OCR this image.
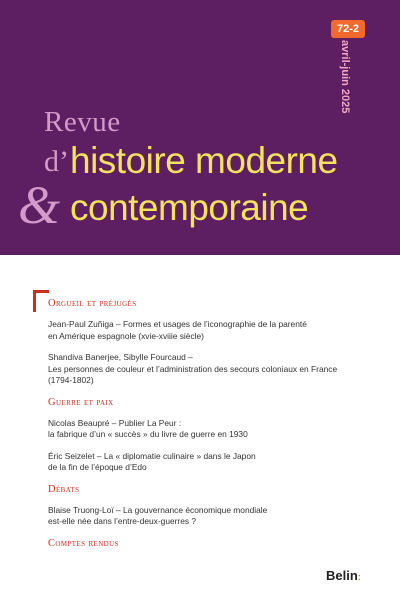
72-2
avril-juin 2025
Revue
d’ histoire moderne
& contemporaine
Orgueil et préjugés
Jean-Paul Zuñiga – Formes et usages de l’iconographie de la parenté
en Amérique espagnole (xvie-xviiie siècle)
Shandiva Banerjee, Sibylle Fourcaud –
Les personnes de couleur et l’administration des secours coloniaux en France
(1794-1802)
Guerre et paix
Nicolas Beaupré – Publier La Peur :
la fabrique d’un « succès » du livre de guerre en 1930
Éric Seizelet – La « diplomatie culinaire » dans le Japon
de la fin de l’époque d’Edo
Débats
Blaise Truong-Loï – La gouvernance économique mondiale
est-elle née dans l’entre-deux-guerres ?
Comptes rendus
Belin:
